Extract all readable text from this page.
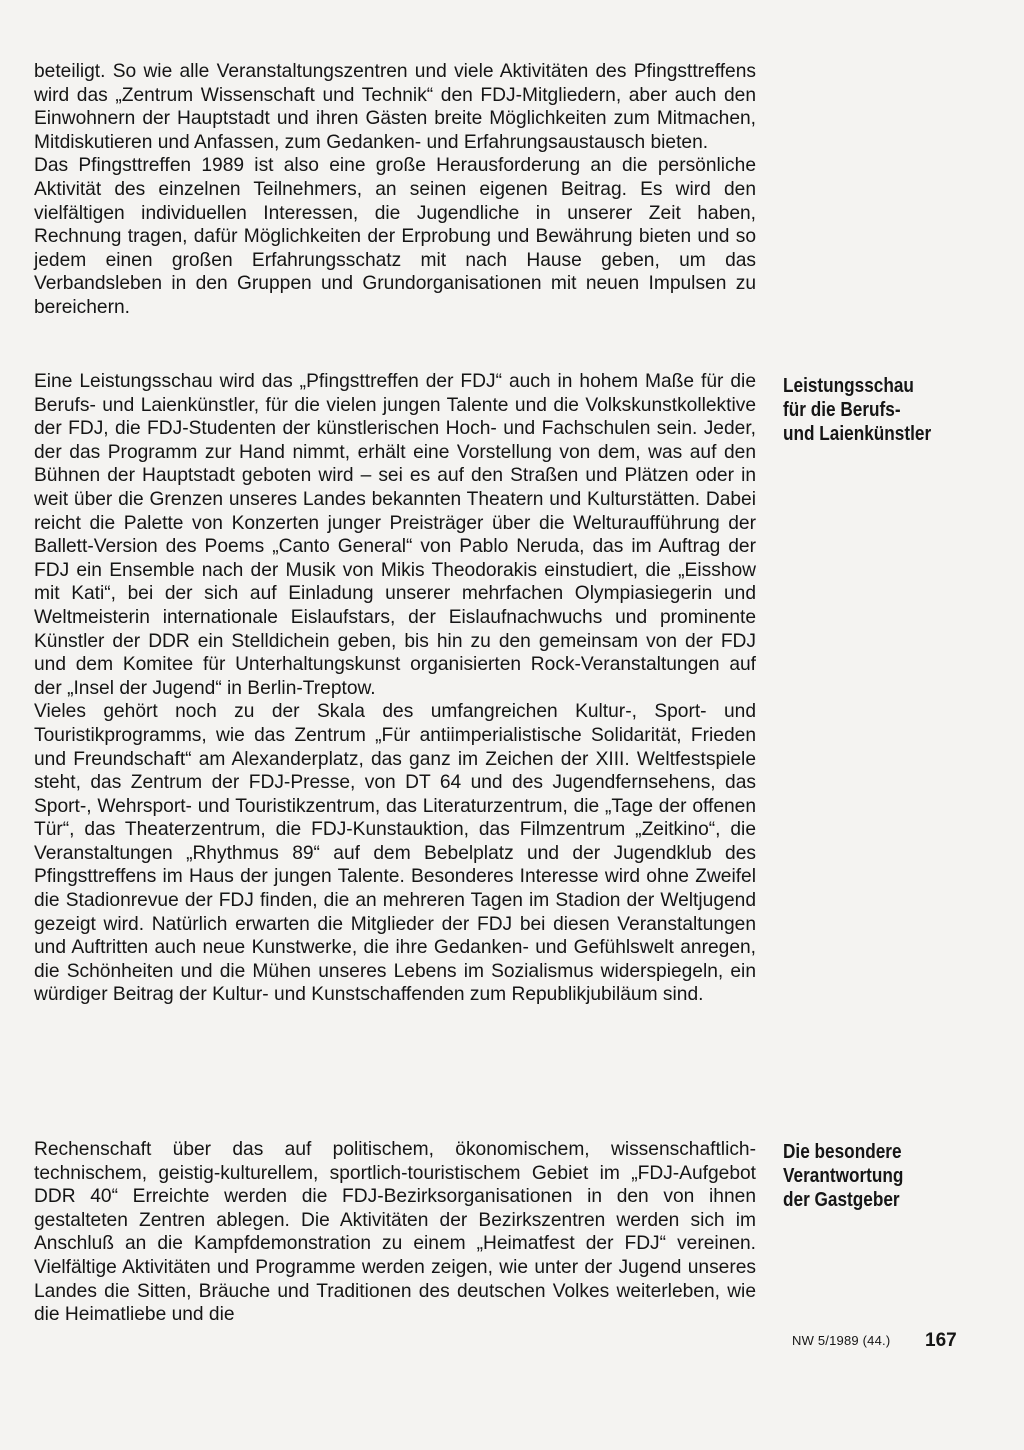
beteiligt. So wie alle Veranstaltungszentren und viele Aktivitäten des Pfingsttreffens wird das „Zentrum Wissenschaft und Technik“ den FDJ-Mitgliedern, aber auch den Einwohnern der Hauptstadt und ihren Gästen breite Möglichkeiten zum Mitmachen, Mitdiskutieren und Anfassen, zum Gedanken- und Erfahrungsaustausch bieten.

Das Pfingsttreffen 1989 ist also eine große Herausforderung an die persönliche Aktivität des einzelnen Teilnehmers, an seinen eigenen Beitrag. Es wird den vielfältigen individuellen Interessen, die Jugendliche in unserer Zeit haben, Rechnung tragen, dafür Möglichkeiten der Erprobung und Bewährung bieten und so jedem einen großen Erfahrungsschatz mit nach Hause geben, um das Verbandsleben in den Gruppen und Grundorganisationen mit neuen Impulsen zu bereichern.

Eine Leistungsschau wird das „Pfingsttreffen der FDJ“ auch in hohem Maße für die Berufs- und Laienkünstler, für die vielen jungen Talente und die Volkskunstkollektive der FDJ, die FDJ-Studenten der künstlerischen Hoch- und Fachschulen sein. Jeder, der das Programm zur Hand nimmt, erhält eine Vorstellung von dem, was auf den Bühnen der Hauptstadt geboten wird – sei es auf den Straßen und Plätzen oder in weit über die Grenzen unseres Landes bekannten Theatern und Kulturstätten. Dabei reicht die Palette von Konzerten junger Preisträger über die Welturaufführung der Ballett-Version des Poems „Canto General“ von Pablo Neruda, das im Auftrag der FDJ ein Ensemble nach der Musik von Mikis Theodorakis einstudiert, die „Eisshow mit Kati“, bei der sich auf Einladung unserer mehrfachen Olympiasiegerin und Weltmeisterin internationale Eislaufstars, der Eislaufnachwuchs und prominente Künstler der DDR ein Stelldichein geben, bis hin zu den gemeinsam von der FDJ und dem Komitee für Unterhaltungskunst organisierten Rock-Veranstaltungen auf der „Insel der Jugend“ in Berlin-Treptow.

Vieles gehört noch zu der Skala des umfangreichen Kultur-, Sport- und Touristikprogramms, wie das Zentrum „Für antiimperialistische Solidarität, Frieden und Freundschaft“ am Alexanderplatz, das ganz im Zeichen der XIII. Weltfestspiele steht, das Zentrum der FDJ-Presse, von DT 64 und des Jugendfernsehens, das Sport-, Wehrsport- und Touristikzentrum, das Literaturzentrum, die „Tage der offenen Tür“, das Theaterzentrum, die FDJ-Kunstauktion, das Filmzentrum „Zeitkino“, die Veranstaltungen „Rhythmus 89“ auf dem Bebelplatz und der Jugendklub des Pfingsttreffens im Haus der jungen Talente. Besonderes Interesse wird ohne Zweifel die Stadionrevue der FDJ finden, die an mehreren Tagen im Stadion der Weltjugend gezeigt wird. Natürlich erwarten die Mitglieder der FDJ bei diesen Veranstaltungen und Auftritten auch neue Kunstwerke, die ihre Gedanken- und Gefühlswelt anregen, die Schönheiten und die Mühen unseres Lebens im Sozialismus widerspiegeln, ein würdiger Beitrag der Kultur- und Kunstschaffenden zum Republikjubiläum sind.

Rechenschaft über das auf politischem, ökonomischem, wissenschaftlich-technischem, geistig-kulturellem, sportlich-touristischem Gebiet im „FDJ-Aufgebot DDR 40“ Erreichte werden die FDJ-Bezirksorganisationen in den von ihnen gestalteten Zentren ablegen. Die Aktivitäten der Bezirkszentren werden sich im Anschluß an die Kampfdemonstration zu einem „Heimatfest der FDJ“ vereinen. Vielfältige Aktivitäten und Programme werden zeigen, wie unter der Jugend unseres Landes die Sitten, Bräuche und Traditionen des deutschen Volkes weiterleben, wie die Heimatliebe und die

Leistungsschau
für die Berufs-
und Laienkünstler
Die besondere
Verantwortung
der Gastgeber
NW 5/1989 (44.) 167
